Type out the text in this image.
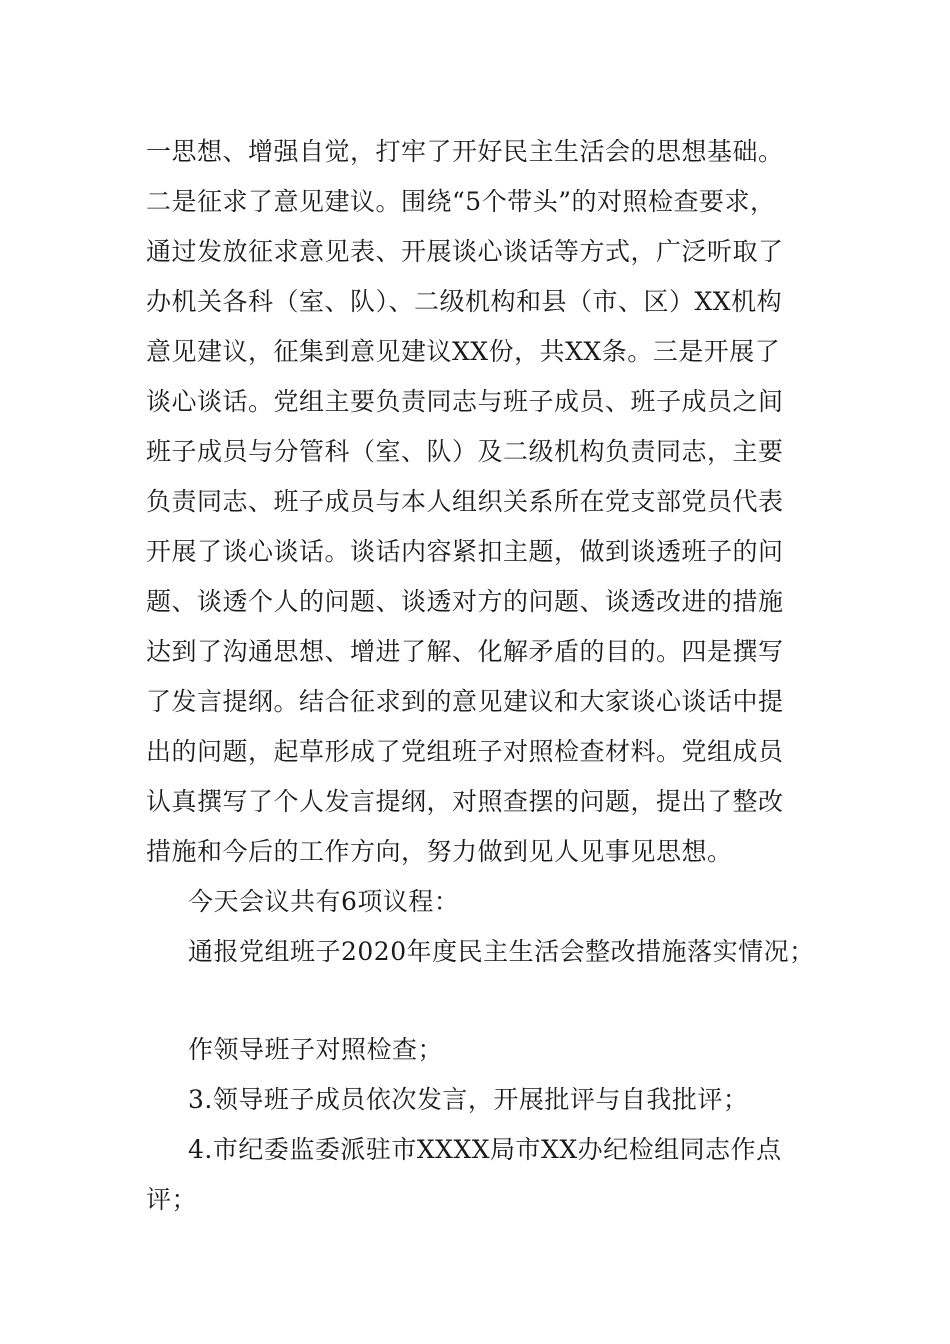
一思想、增强自觉，打牢了开好民主生活会的思想基础。
二是征求了意见建议。围绕“5个带头”的对照检查要求，
通过发放征求意见表、开展谈心谈话等方式，广泛听取了
办机关各科（室、队）、二级机构和县（市、区）XX机构
意见建议，征集到意见建议XX份，共XX条。三是开展了
谈心谈话。党组主要负责同志与班子成员、班子成员之间
班子成员与分管科（室、队）及二级机构负责同志，主要
负责同志、班子成员与本人组织关系所在党支部党员代表
开展了谈心谈话。谈话内容紧扣主题，做到谈透班子的问
题、谈透个人的问题、谈透对方的问题、谈透改进的措施
达到了沟通思想、增进了解、化解矛盾的目的。四是撰写
了发言提纲。结合征求到的意见建议和大家谈心谈话中提
出的问题，起草形成了党组班子对照检查材料。党组成员
认真撰写了个人发言提纲，对照查摆的问题，提出了整改
措施和今后的工作方向，努力做到见人见事见思想。
今天会议共有6项议程：
通报党组班子2020年度民主生活会整改措施落实情况；
作领导班子对照检查；
3.领导班子成员依次发言，开展批评与自我批评；
4.市纪委监委派驻市XXXX局市XX办纪检组同志作点
评；
